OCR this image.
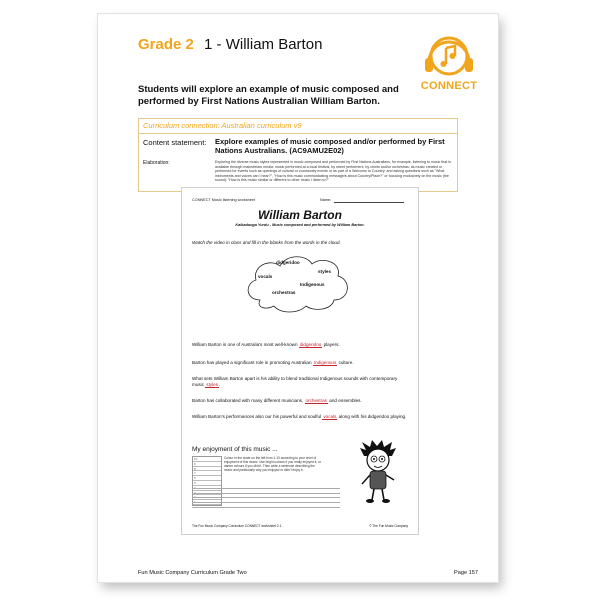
Grade 2 1 - William Barton
CONNECT
Students will explore an example of music composed and performed by First Nations Australian William Barton.
Curriculum connection: Australian curriculum v9
Content statement: Explore examples of music composed and/or performed by First Nations Australians. (AC9AMU2E02)
Elaboration:	Exploring the diverse music styles represented in music composed and performed by First Nations Australians, for example, listening to music that is available through mainstream media; music performed at a local festival, by street performers, by choirs and/or orchestras; as music created or performed for events such as openings of cultural or community events or as part of a Welcome to Country; and asking questions such as "What instruments and voices can I hear?", "How is this music communicating message/s about Country/Place?" or focusing exclusively on the music (the sound): "How is this music similar or different to other music I listen to?"
CONNECT Music listening worksheet	Name:
William Barton
Kalkadunga Yurdu - Music composed and performed by William Barton.
Watch the video in class and fill in the blanks from the words in the cloud.
didgeridoo
styles
vocals
Indigenous
orchestras
William Barton is one of Australia's most well-known didgeridoo players.
Barton has played a significant role in promoting Australian Indigenous culture.
What sets William Barton apart is his ability to blend traditional Indigenous sounds with contemporary music styles.
Barton has collaborated with many different musicians, orchestras and ensembles.
William Barton's performances also our his powerful and soulful vocals along with his didgeridoo playing.
My enjoyment of this music ...
10
9
8
7
6
5
4
3
2
1
Colour in the scale on the left from 1-10 according to your level of enjoyment of this music. Use bright colours if you really enjoyed it, or darker colours if you didn't. Then write a sentence describing the music and particularly why you enjoyed or didn't enjoy it.
The Fun Music Company Curriculum CONNECT worksheet 2-1	© The Fun Music Company
Fun Music Company Curriculum Grade Two	Page 157
